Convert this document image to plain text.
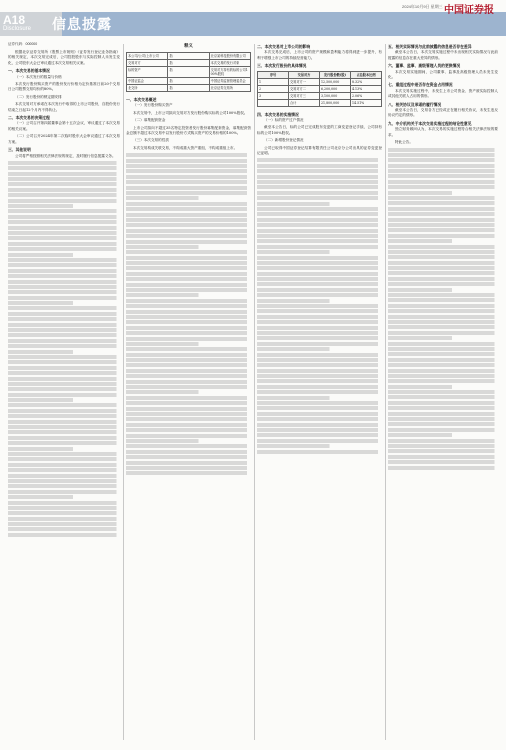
A18
Disclosure 信息披露
2024年10月9日 星期三 中国证券报
证券代码：000000
根据北京证券交易所《股票上市规则》《证券发行登记业务指南》的相关规定，本次交易完成后，公司控股股东与实际控制人未发生变化，公司股东大会已审议通过本次交易相关议案。
一、本次交易的基本情况
（一）本次发行的数量与价格
本次发行股份购买资产的股份发行价格为定价基准日前20个交易日公司股票交易均价的80%。
（二）发行股份的锁定期安排
本次交易对方承诺在本次发行中取得的上市公司股份，自股份发行结束之日起12个月内不得转让。
二、本次交易的决策过程
（一）公司召开第四届董事会第十五次会议，审议通过了本次交易的相关议案。
（二）公司召开2024年第二次临时股东大会审议通过了本次交易方案。
三、其他说明
公司将严格按照相关法律法规的规定，及时履行信息披露义务。
释义
本公司/公司/上市公司	指	北京某科技股份有限公司
交易对方	指	本次交易的发行对象
标的资产	指	交易对方持有的标的公司100%股权
中国证监会	指	中国证券监督管理委员会
北交所	指	北京证券交易所
一、本次交易概述
（一）发行股份购买资产
本次交易中，上市公司拟向交易对方发行股份购买标的公司100%股权。
（二）募集配套资金
上市公司拟向不超过35名特定投资者发行股份募集配套资金，募集配套资金总额不超过本次交易中以发行股份方式购买资产的交易价格的100%。
（三）本次交易的性质
本次交易构成关联交易，不构成重大资产重组，不构成重组上市。
二、本次交易对上市公司的影响
本次交易完成后，上市公司的资产规模和盈利能力将得到进一步提升，有利于增强上市公司的持续经营能力。
三、本次发行股份的具体情况
序号	交易对方	发行股份数(股)	占总股本比例
1	交易对方一	12,500,000	8.32%
2	交易对方二	6,200,000	4.13%
3	交易对方三	3,100,000	2.06%
	合计	21,800,000	14.51%
四、本次交易的实施情况
（一）标的资产过户情况
截至本公告日，标的公司已完成股东变更的工商变更登记手续，公司持有标的公司100%股权。
（二）新增股份登记情况
公司已取得中国证券登记结算有限责任公司北京分公司出具的证券变更登记证明。
五、相关实际情况与此前披露的信息是否存在差异
截至本公告日，本次交易实施过程中未出现相关实际情况与此前披露的信息存在重大差异的情形。
六、董事、监事、高级管理人员的更换情况
本次交易实施期间，公司董事、监事及高级管理人员未发生变化。
七、重组过程中是否存在资金占用情况
本次交易实施过程中，未发生上市公司资金、资产被实际控制人或其他关联人占用的情形。
八、相关协议及承诺的履行情况
截至本公告日，交易各方已经或正在履行相关协议，未发生违反协议约定的情形。
九、中介机构关于本次交易实施过程的结论性意见
独立财务顾问认为，本次交易的实施过程符合相关法律法规的要求。
特此公告。
